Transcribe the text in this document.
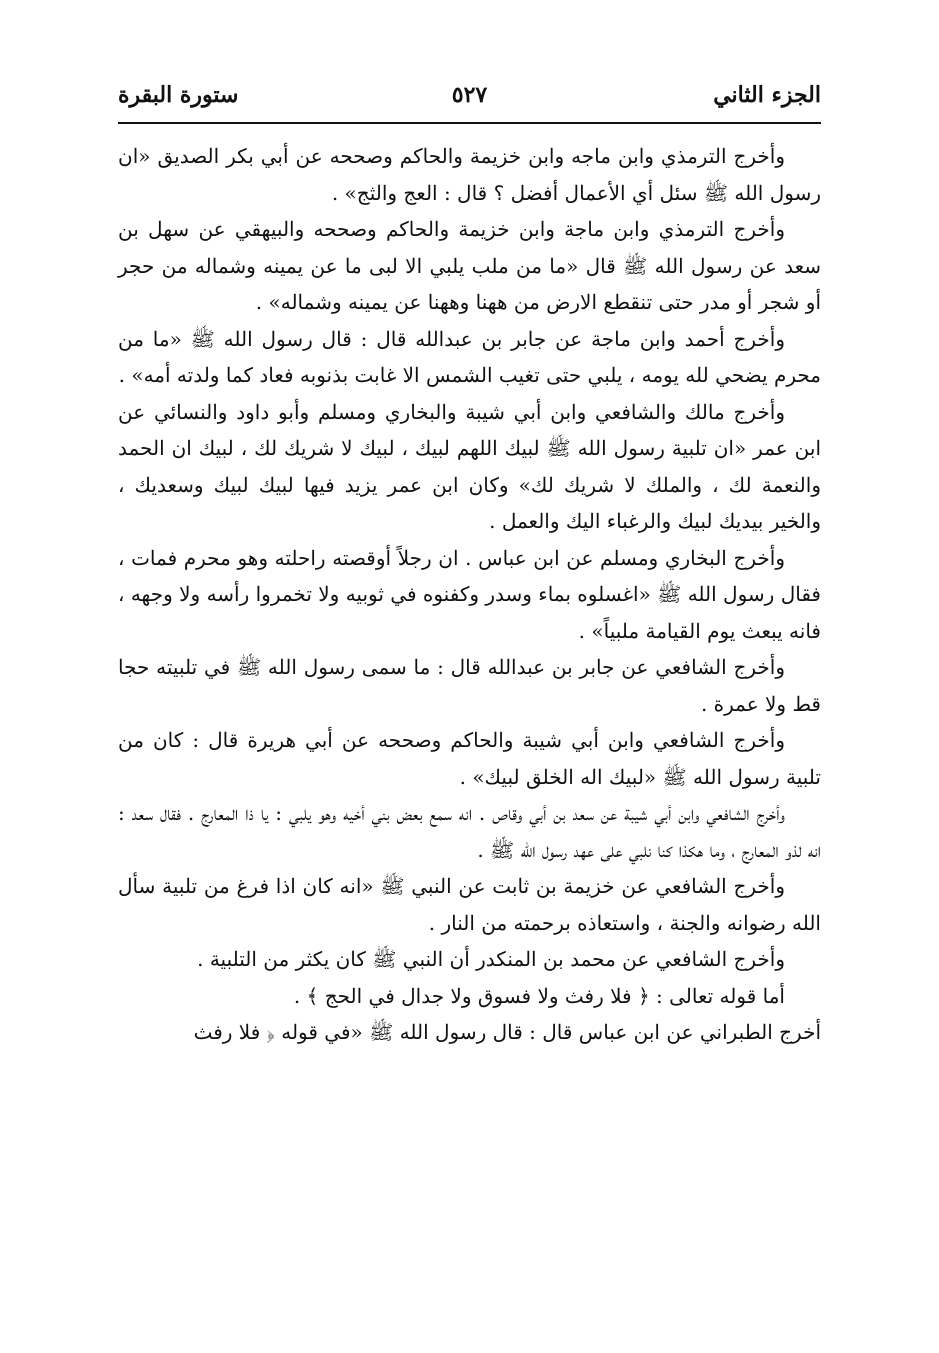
الجزء الثاني
٥٢٧
ستورة البقرة

وأخرج الترمذي وابن ماجه وابن خزيمة والحاكم وصححه عن أبي بكر الصديق «ان رسول الله ﷺ سئل أي الأعمال أفضل ؟ قال : العج والثج» .

وأخرج الترمذي وابن ماجة وابن خزيمة والحاكم وصححه والبيهقي عن سهل بن سعد عن رسول الله ﷺ قال «ما من ملب يلبي الا لبى ما عن يمينه وشماله من حجر أو شجر أو مدر حتى تنقطع الارض من ههنا وههنا عن يمينه وشماله» .

وأخرج أحمد وابن ماجة عن جابر بن عبدالله قال : قال رسول الله ﷺ «ما من محرم يضحي لله يومه ، يلبي حتى تغيب الشمس الا غابت بذنوبه فعاد كما ولدته أمه» .

وأخرج مالك والشافعي وابن أبي شيبة والبخاري ومسلم وأبو داود والنسائي عن ابن عمر «ان تلبية رسول الله ﷺ لبيك اللهم لبيك ، لبيك لا شريك لك ، لبيك ان الحمد والنعمة لك ، والملك لا شريك لك» وكان ابن عمر يزيد فيها لبيك لبيك وسعديك ، والخير بيديك لبيك والرغباء اليك والعمل .

وأخرج البخاري ومسلم عن ابن عباس . ان رجلاً أوقصته راحلته وهو محرم فمات ، فقال رسول الله ﷺ «اغسلوه بماء وسدر وكفنوه في ثوبيه ولا تخمروا رأسه ولا وجهه ، فانه يبعث يوم القيامة ملبياً» .

وأخرج الشافعي عن جابر بن عبدالله قال : ما سمى رسول الله ﷺ في تلبيته حجا قط ولا عمرة .

وأخرج الشافعي وابن أبي شيبة والحاكم وصححه عن أبي هريرة قال : كان من تلبية رسول الله ﷺ «لبيك اله الخلق لبيك» .

وأخرج الشافعي وابن أبي شيبة عن سعد بن أبي وقاص . انه سمع بعض بني أخيه وهو يلبي : يا ذا المعارج . فقال سعد : انه لذو المعارج ، وما هكذا كنا نلبي على عهد رسول الله ﷺ .

وأخرج الشافعي عن خزيمة بن ثابت عن النبي ﷺ «انه كان اذا فرغ من تلبية سأل الله رضوانه والجنة ، واستعاذه برحمته من النار .

وأخرج الشافعي عن محمد بن المنكدر أن النبي ﷺ كان يكثر من التلبية .

أما قوله تعالى : ﴿ فلا رفث ولا فسوق ولا جدال في الحج ﴾ .

أخرج الطبراني عن ابن عباس قال : قال رسول الله ﷺ «في قوله ﴿ فلا رفث
